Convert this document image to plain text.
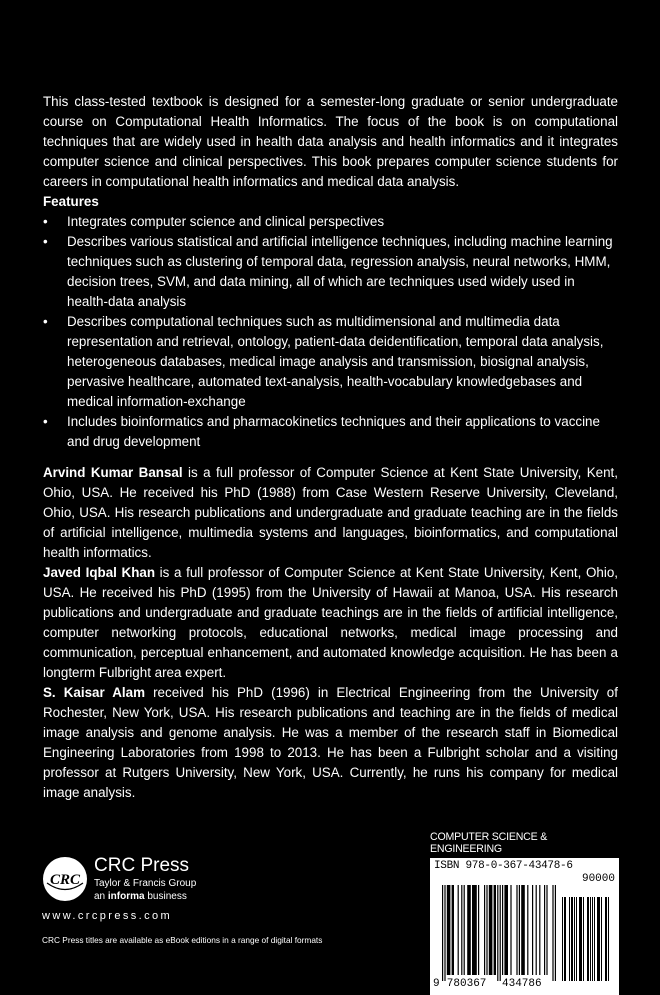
This class-tested textbook is designed for a semester-long graduate or senior undergraduate course on Computational Health Informatics. The focus of the book is on computational techniques that are widely used in health data analysis and health informatics and it integrates computer science and clinical perspectives. This book prepares computer science students for careers in computational health informatics and medical data analysis.

Features

• Integrates computer science and clinical perspectives
• Describes various statistical and artificial intelligence techniques, including machine learning techniques such as clustering of temporal data, regression analysis, neural networks, HMM, decision trees, SVM, and data mining, all of which are techniques used widely used in health-data analysis
• Describes computational techniques such as multidimensional and multimedia data representation and retrieval, ontology, patient-data deidentification, temporal data analysis, heterogeneous databases, medical image analysis and transmission, biosignal analysis, pervasive healthcare, automated text-analysis, health-vocabulary knowledgebases and medical information-exchange
• Includes bioinformatics and pharmacokinetics techniques and their applications to vaccine and drug development

Arvind Kumar Bansal is a full professor of Computer Science at Kent State University, Kent, Ohio, USA. He received his PhD (1988) from Case Western Reserve University, Cleveland, Ohio, USA. His research publications and undergraduate and graduate teaching are in the fields of artificial intelligence, multimedia systems and languages, bioinformatics, and computational health informatics.

Javed Iqbal Khan is a full professor of Computer Science at Kent State University, Kent, Ohio, USA. He received his PhD (1995) from the University of Hawaii at Manoa, USA. His research publications and undergraduate and graduate teachings are in the fields of artificial intelligence, computer networking protocols, educational networks, medical image processing and communication, perceptual enhancement, and automated knowledge acquisition. He has been a longterm Fulbright area expert.

S. Kaisar Alam received his PhD (1996) in Electrical Engineering from the University of Rochester, New York, USA. His research publications and teaching are in the fields of medical image analysis and genome analysis. He was a member of the research staff in Biomedical Engineering Laboratories from 1998 to 2013. He has been a Fulbright scholar and a visiting professor at Rutgers University, New York, USA. Currently, he runs his company for medical image analysis.

CRC
CRC Press
Taylor & Francis Group
an informa business
www.crcpress.com
CRC Press titles are available as eBook editions in a range of digital formats
COMPUTER SCIENCE & ENGINEERING
9 780367 434786
ISBN 978-0-367-43478-6
90000
